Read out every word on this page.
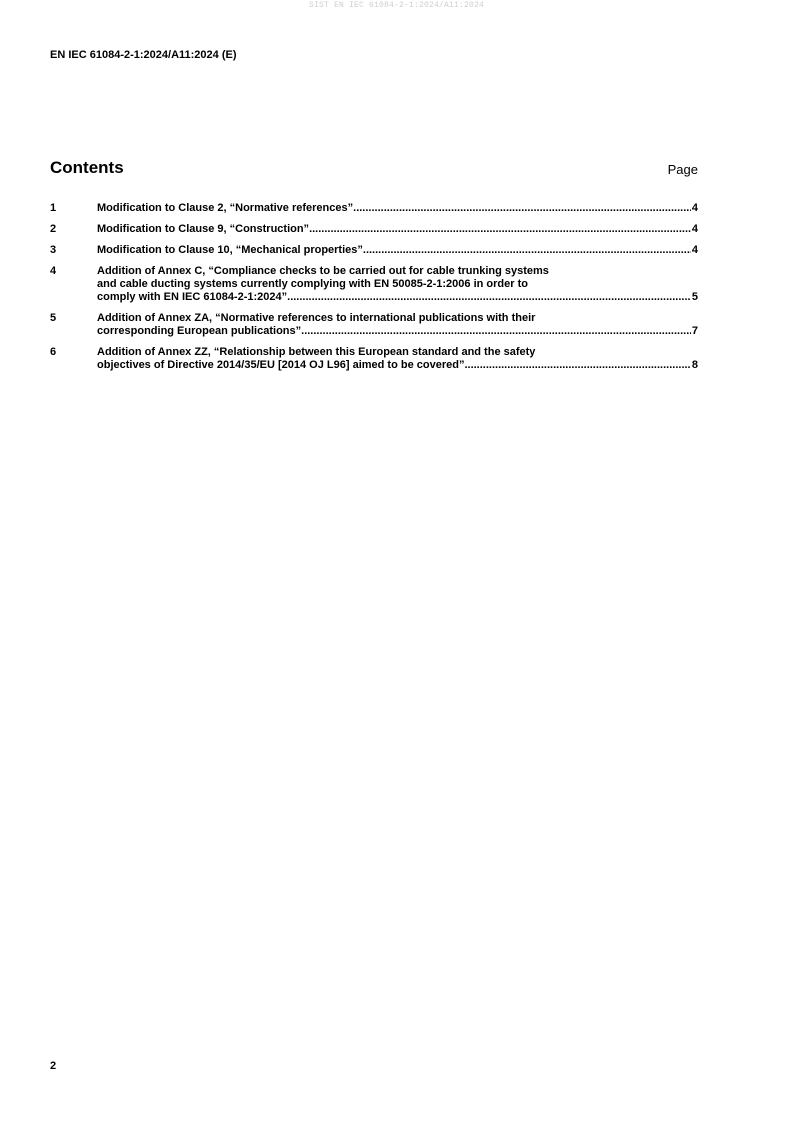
SIST EN IEC 61084-2-1:2024/A11:2024
EN IEC 61084-2-1:2024/A11:2024 (E)
Contents	Page
1	Modification to Clause 2, “Normative references” .....	4
2	Modification to Clause 9, “Construction” .....	4
3	Modification to Clause 10, “Mechanical properties” .....	4
4	Addition of Annex C, “Compliance checks to be carried out for cable trunking systems
and cable ducting systems currently complying with EN 50085-2-1:2006 in order to
comply with EN IEC 61084-2-1:2024” .....	5
5	Addition of Annex ZA, “Normative references to international publications with their
corresponding European publications” .....	7
6	Addition of Annex ZZ, “Relationship between this European standard and the safety
objectives of Directive 2014/35/EU [2014 OJ L96] aimed to be covered” .....	8
2
